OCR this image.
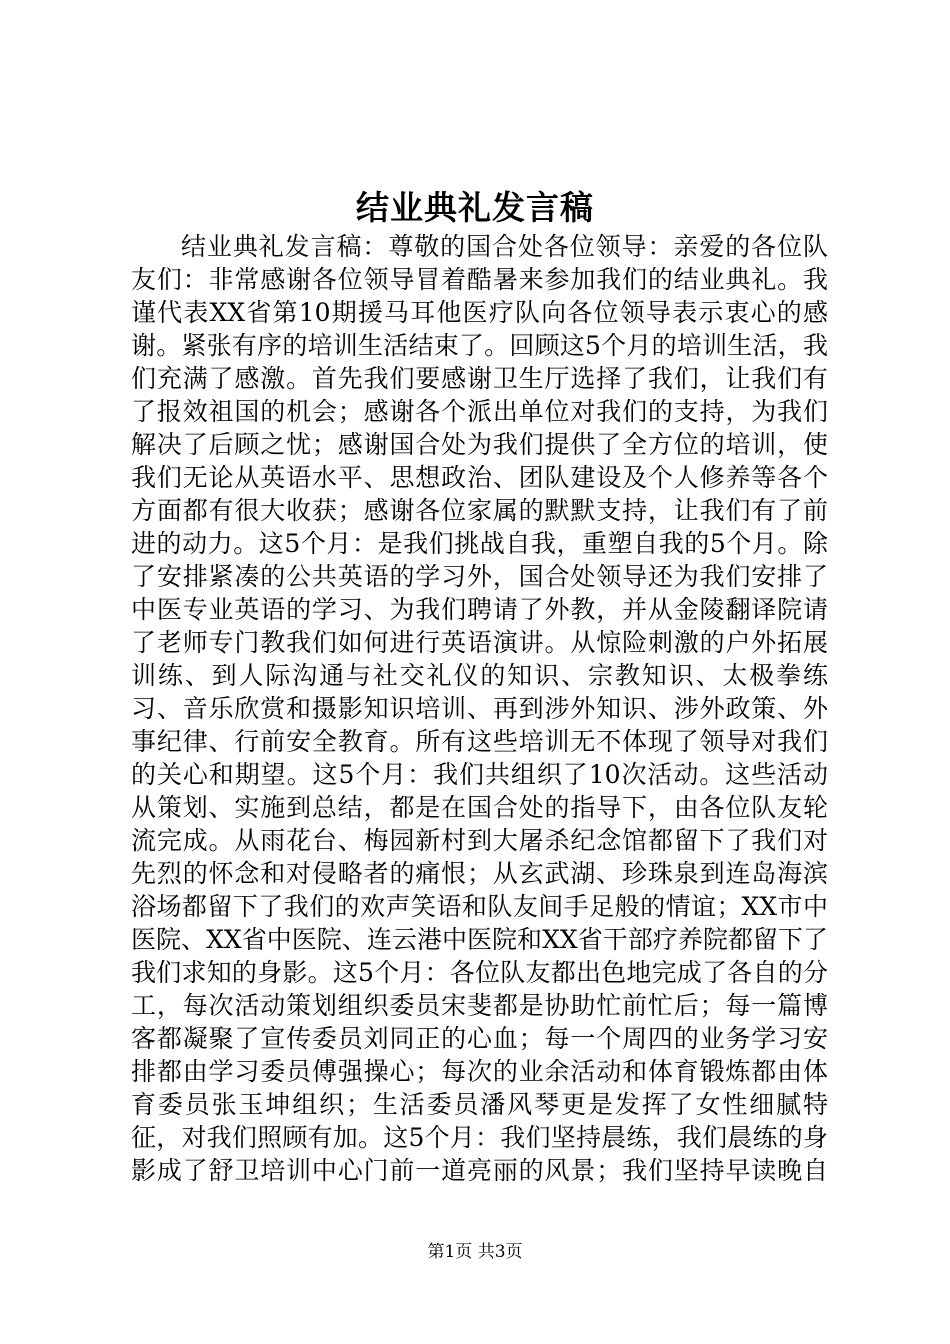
结业典礼发言稿

结业典礼发言稿：尊敬的国合处各位领导：亲爱的各位队友们：非常感谢各位领导冒着酷暑来参加我们的结业典礼。我谨代表XX省第10期援马耳他医疗队向各位领导表示衷心的感谢。紧张有序的培训生活结束了。回顾这5个月的培训生活，我们充满了感激。首先我们要感谢卫生厅选择了我们，让我们有了报效祖国的机会；感谢各个派出单位对我们的支持，为我们解决了后顾之忧；感谢国合处为我们提供了全方位的培训，使我们无论从英语水平、思想政治、团队建设及个人修养等各个方面都有很大收获；感谢各位家属的默默支持，让我们有了前进的动力。这5个月：是我们挑战自我，重塑自我的5个月。除了安排紧凑的公共英语的学习外，国合处领导还为我们安排了中医专业英语的学习、为我们聘请了外教，并从金陵翻译院请了老师专门教我们如何进行英语演讲。从惊险刺激的户外拓展训练、到人际沟通与社交礼仪的知识、宗教知识、太极拳练习、音乐欣赏和摄影知识培训、再到涉外知识、涉外政策、外事纪律、行前安全教育。所有这些培训无不体现了领导对我们的关心和期望。这5个月：我们共组织了10次活动。这些活动从策划、实施到总结，都是在国合处的指导下，由各位队友轮流完成。从雨花台、梅园新村到大屠杀纪念馆都留下了我们对先烈的怀念和对侵略者的痛恨；从玄武湖、珍珠泉到连岛海滨浴场都留下了我们的欢声笑语和队友间手足般的情谊；XX市中医院、XX省中医院、连云港中医院和XX省干部疗养院都留下了我们求知的身影。这5个月：各位队友都出色地完成了各自的分工，每次活动策划组织委员宋斐都是协助忙前忙后；每一篇博客都凝聚了宣传委员刘同正的心血；每一个周四的业务学习安排都由学习委员傅强操心；每次的业余活动和体育锻炼都由体育委员张玉坤组织；生活委员潘风琴更是发挥了女性细腻特征，对我们照顾有加。这5个月：我们坚持晨练，我们晨练的身影成了舒卫培训中心门前一道亮丽的风景；我们坚持早读晚自

第1页 共3页
